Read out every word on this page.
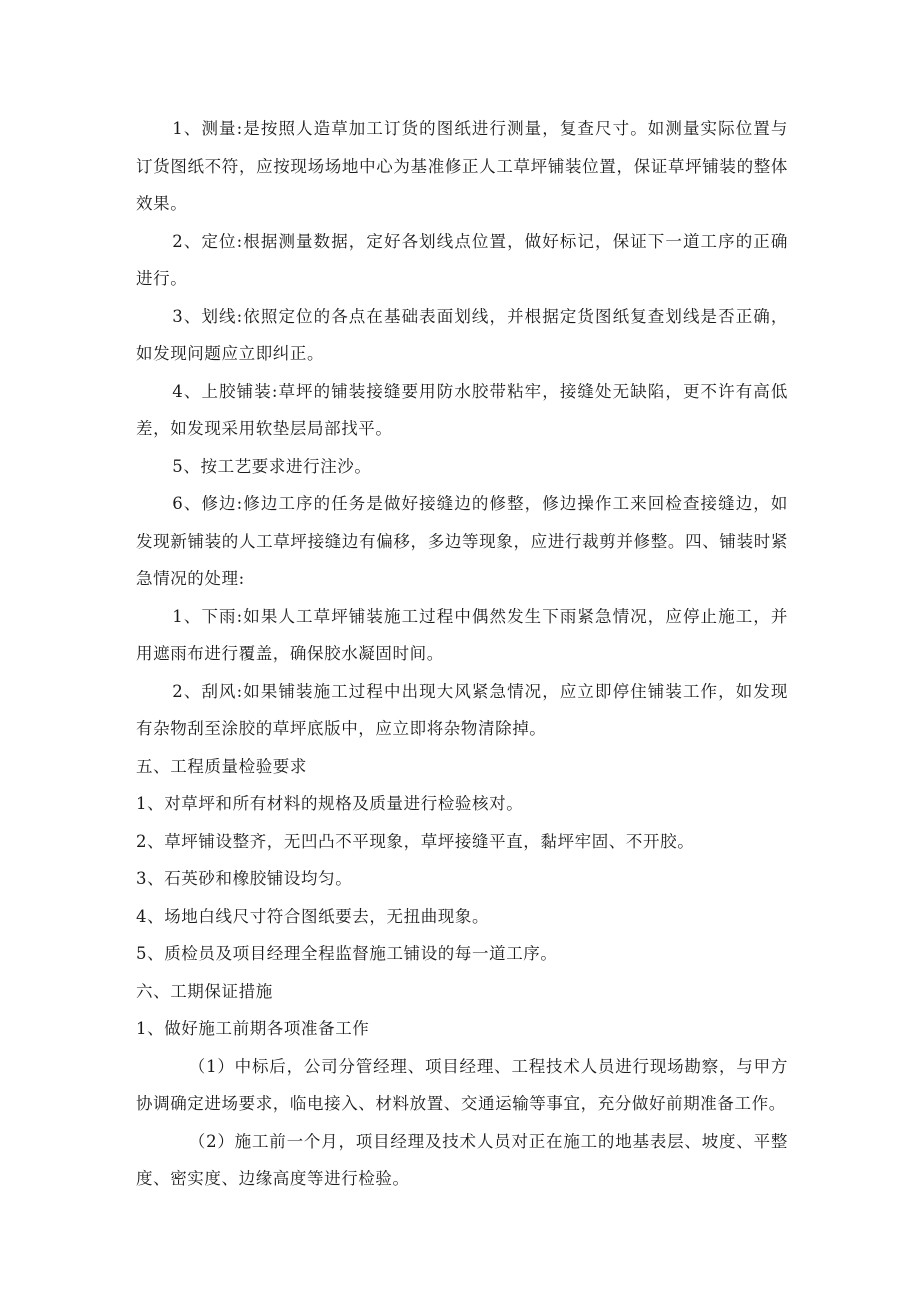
1、测量:是按照人造草加工订货的图纸进行测量，复查尺寸。如测量实际位置与订货图纸不符，应按现场场地中心为基准修正人工草坪铺装位置，保证草坪铺装的整体效果。

2、定位:根据测量数据，定好各划线点位置，做好标记，保证下一道工序的正确进行。

3、划线:依照定位的各点在基础表面划线，并根据定货图纸复查划线是否正确，如发现问题应立即纠正。

4、上胶铺装:草坪的铺装接缝要用防水胶带粘牢，接缝处无缺陷，更不许有高低差，如发现采用软垫层局部找平。

5、按工艺要求进行注沙。

6、修边:修边工序的任务是做好接缝边的修整，修边操作工来回检查接缝边，如发现新铺装的人工草坪接缝边有偏移，多边等现象，应进行裁剪并修整。四、铺装时紧急情况的处理:

1、下雨:如果人工草坪铺装施工过程中偶然发生下雨紧急情况，应停止施工，并用遮雨布进行覆盖，确保胶水凝固时间。

2、刮风:如果铺装施工过程中出现大风紧急情况，应立即停住铺装工作，如发现有杂物刮至涂胶的草坪底版中，应立即将杂物清除掉。

五、工程质量检验要求

1、对草坪和所有材料的规格及质量进行检验核对。

2、草坪铺设整齐，无凹凸不平现象，草坪接缝平直，黏坪牢固、不开胶。

3、石英砂和橡胶铺设均匀。

4、场地白线尺寸符合图纸要去，无扭曲现象。

5、质检员及项目经理全程监督施工铺设的每一道工序。

六、工期保证措施

1、做好施工前期各项准备工作

（1）中标后，公司分管经理、项目经理、工程技术人员进行现场勘察，与甲方协调确定进场要求，临电接入、材料放置、交通运输等事宜，充分做好前期准备工作。

（2）施工前一个月，项目经理及技术人员对正在施工的地基表层、坡度、平整度、密实度、边缘高度等进行检验。
